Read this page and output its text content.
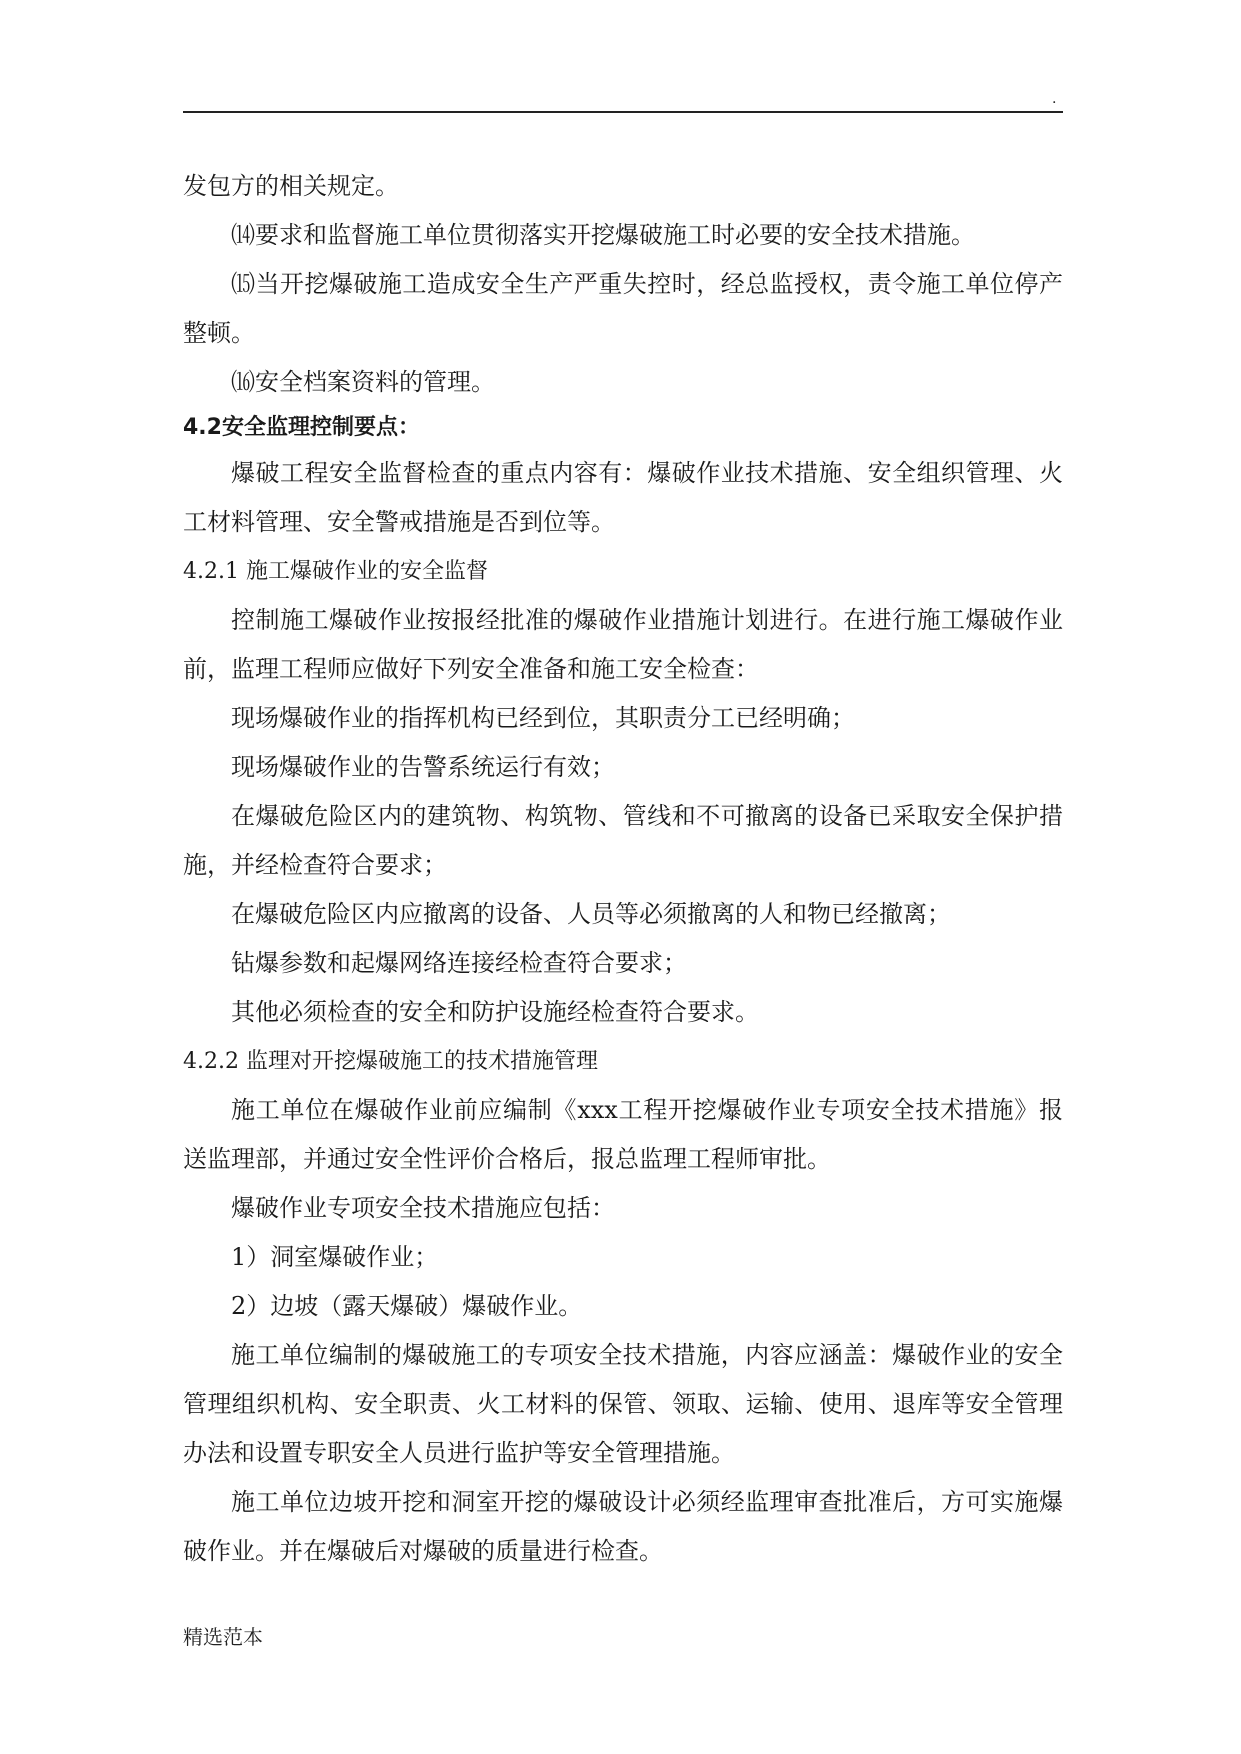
.

发包方的相关规定。

⒁要求和监督施工单位贯彻落实开挖爆破施工时必要的安全技术措施。

⒂当开挖爆破施工造成安全生产严重失控时，经总监授权，责令施工单位停产整顿。

⒃安全档案资料的管理。

4.2安全监理控制要点：

爆破工程安全监督检查的重点内容有：爆破作业技术措施、安全组织管理、火工材料管理、安全警戒措施是否到位等。

4.2.1 施工爆破作业的安全监督

控制施工爆破作业按报经批准的爆破作业措施计划进行。在进行施工爆破作业前，监理工程师应做好下列安全准备和施工安全检查：

现场爆破作业的指挥机构已经到位，其职责分工已经明确；

现场爆破作业的告警系统运行有效；

在爆破危险区内的建筑物、构筑物、管线和不可撤离的设备已采取安全保护措施，并经检查符合要求；

在爆破危险区内应撤离的设备、人员等必须撤离的人和物已经撤离；

钻爆参数和起爆网络连接经检查符合要求；

其他必须检查的安全和防护设施经检查符合要求。

4.2.2 监理对开挖爆破施工的技术措施管理

施工单位在爆破作业前应编制《xxx工程开挖爆破作业专项安全技术措施》报送监理部，并通过安全性评价合格后，报总监理工程师审批。

爆破作业专项安全技术措施应包括：

1）洞室爆破作业；

2）边坡（露天爆破）爆破作业。

施工单位编制的爆破施工的专项安全技术措施，内容应涵盖：爆破作业的安全管理组织机构、安全职责、火工材料的保管、领取、运输、使用、退库等安全管理办法和设置专职安全人员进行监护等安全管理措施。

施工单位边坡开挖和洞室开挖的爆破设计必须经监理审查批准后，方可实施爆破作业。并在爆破后对爆破的质量进行检查。

精选范本
